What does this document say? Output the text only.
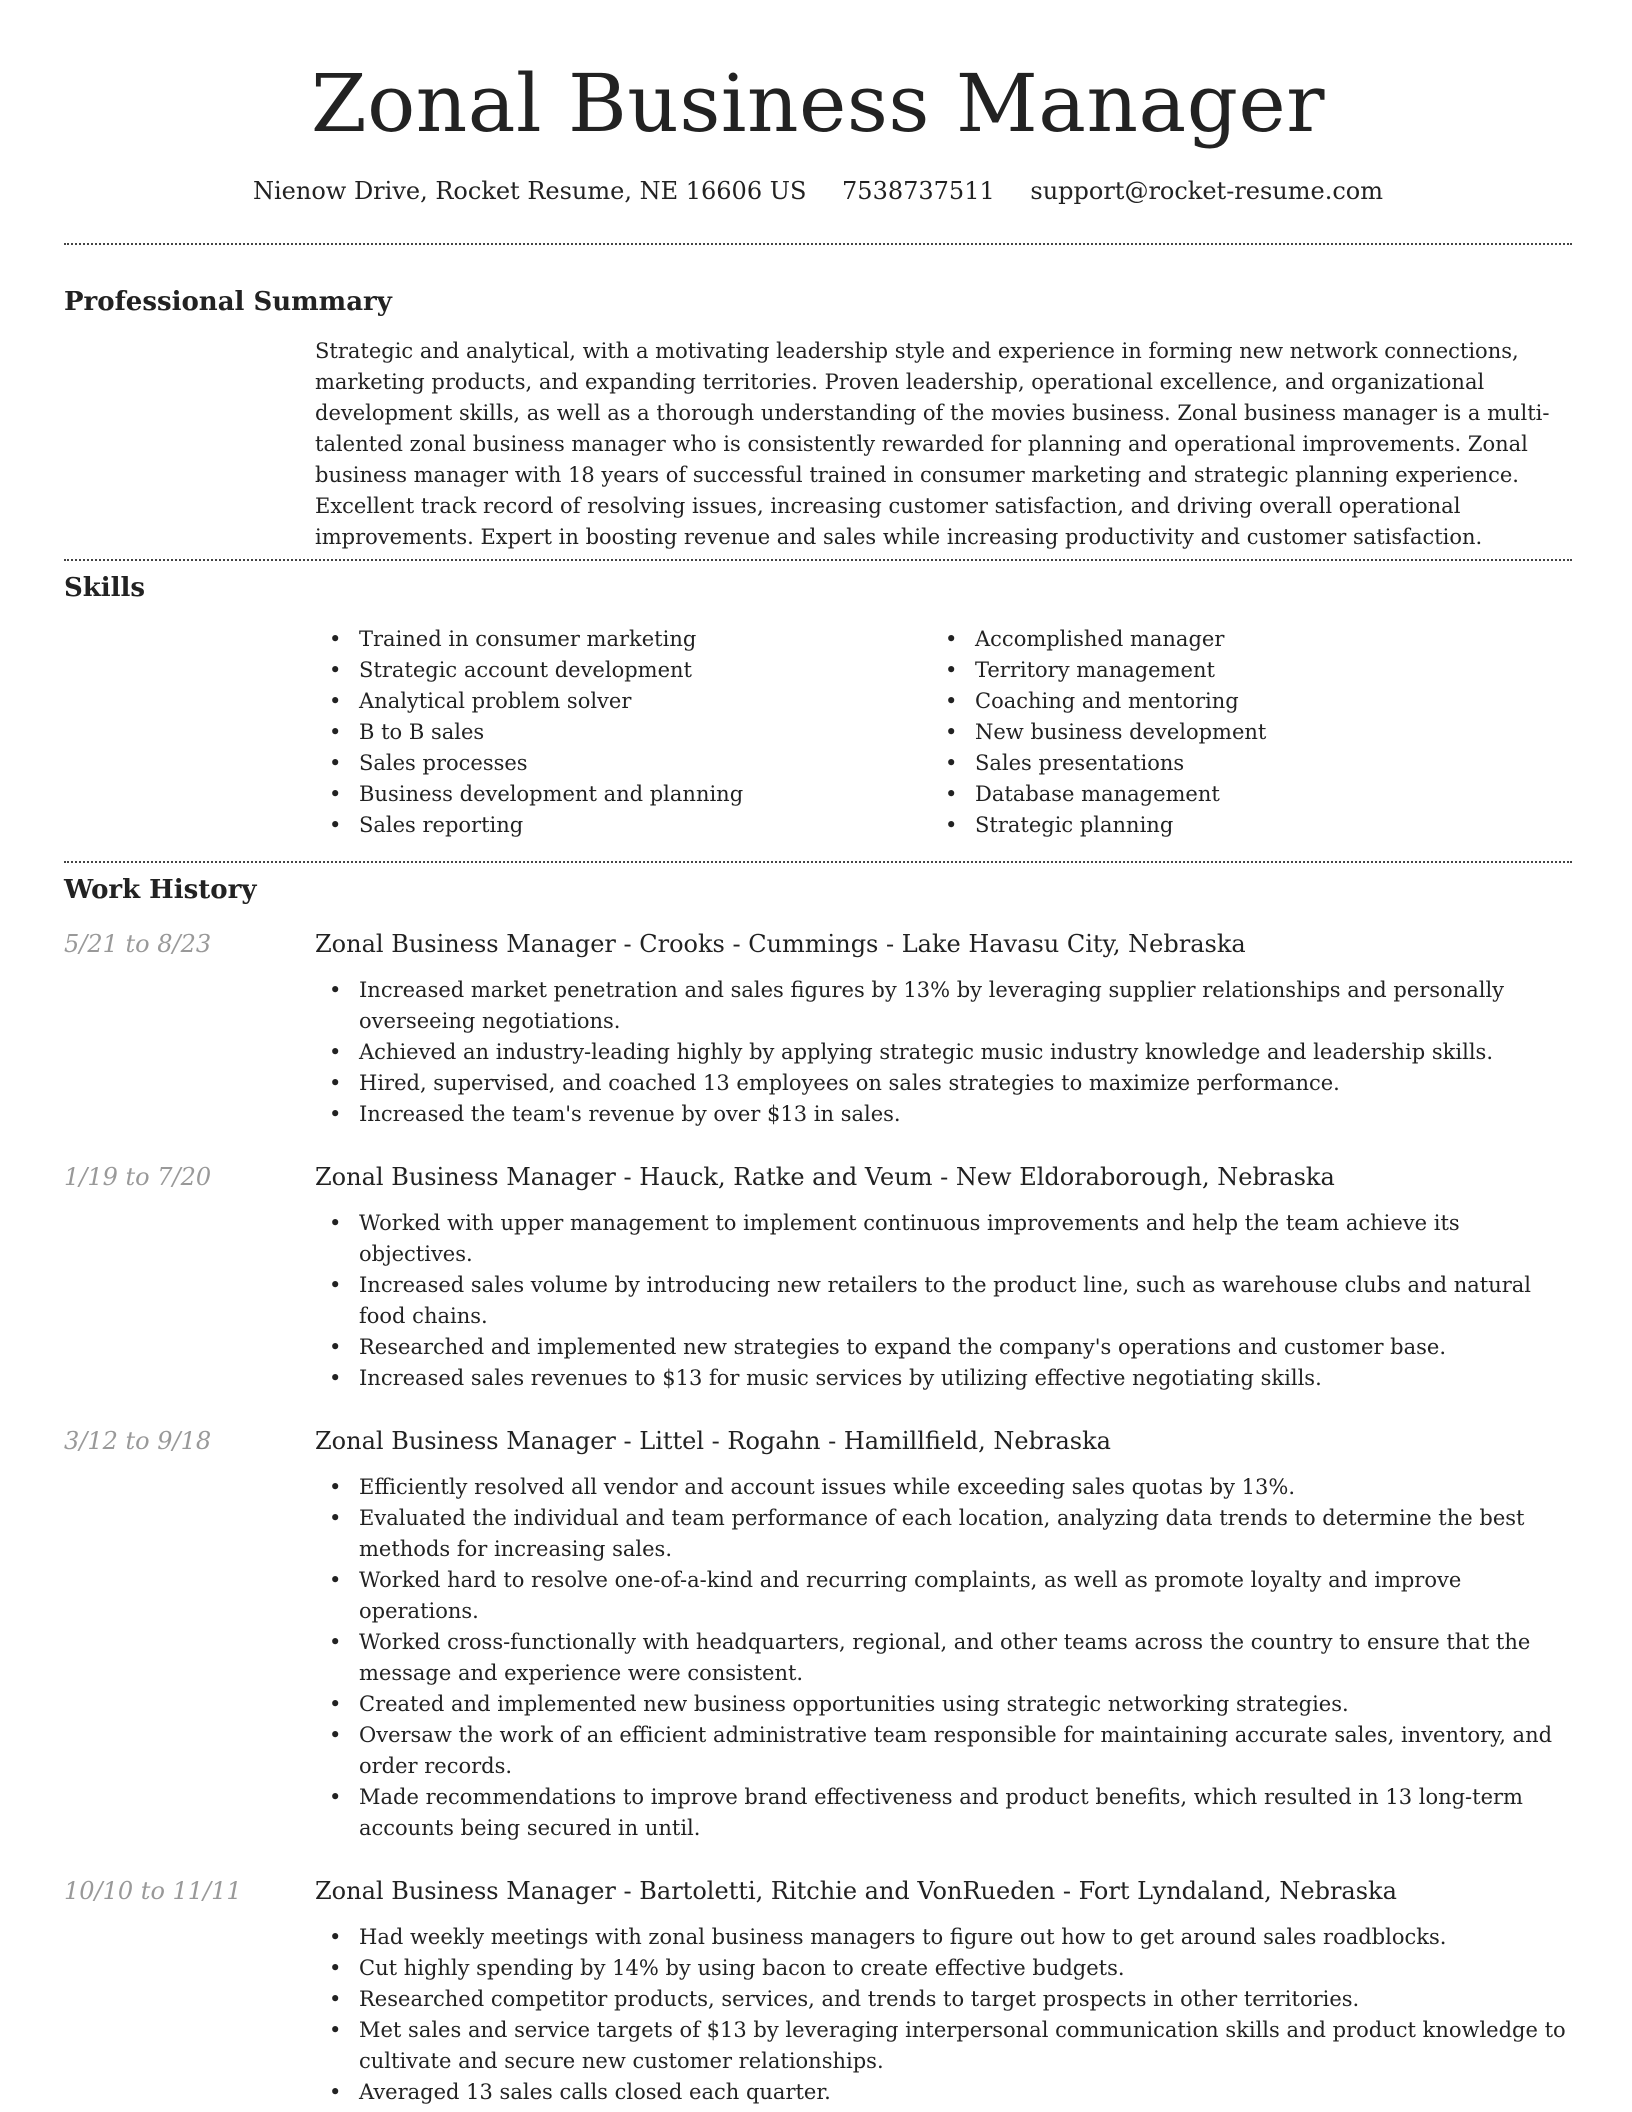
Zonal Business Manager
Nienow Drive, Rocket Resume, NE 16606 US 7538737511 support@rocket-resume.com
Professional Summary

Strategic and analytical, with a motivating leadership style and experience in forming new network connections, marketing products, and expanding territories. Proven leadership, operational excellence, and organizational development skills, as well as a thorough understanding of the movies business. Zonal business manager is a multi-talented zonal business manager who is consistently rewarded for planning and operational improvements. Zonal business manager with 18 years of successful trained in consumer marketing and strategic planning experience. Excellent track record of resolving issues, increasing customer satisfaction, and driving overall operational improvements. Expert in boosting revenue and sales while increasing productivity and customer satisfaction.

Skills
• Trained in consumer marketing
• Strategic account development
• Analytical problem solver
• B to B sales
• Sales processes
• Business development and planning
• Sales reporting
• Accomplished manager
• Territory management
• Coaching and mentoring
• New business development
• Sales presentations
• Database management
• Strategic planning
Work History
5/21 to 8/23	Zonal Business Manager - Crooks - Cummings - Lake Havasu City, Nebraska
• Increased market penetration and sales figures by 13% by leveraging supplier relationships and personally overseeing negotiations.
• Achieved an industry-leading highly by applying strategic music industry knowledge and leadership skills.
• Hired, supervised, and coached 13 employees on sales strategies to maximize performance.
• Increased the team's revenue by over $13 in sales.
1/19 to 7/20	Zonal Business Manager - Hauck, Ratke and Veum - New Eldoraborough, Nebraska
• Worked with upper management to implement continuous improvements and help the team achieve its objectives.
• Increased sales volume by introducing new retailers to the product line, such as warehouse clubs and natural food chains.
• Researched and implemented new strategies to expand the company's operations and customer base.
• Increased sales revenues to $13 for music services by utilizing effective negotiating skills.
3/12 to 9/18	Zonal Business Manager - Littel - Rogahn - Hamillfield, Nebraska
• Efficiently resolved all vendor and account issues while exceeding sales quotas by 13%.
• Evaluated the individual and team performance of each location, analyzing data trends to determine the best methods for increasing sales.
• Worked hard to resolve one-of-a-kind and recurring complaints, as well as promote loyalty and improve operations.
• Worked cross-functionally with headquarters, regional, and other teams across the country to ensure that the message and experience were consistent.
• Created and implemented new business opportunities using strategic networking strategies.
• Oversaw the work of an efficient administrative team responsible for maintaining accurate sales, inventory, and order records.
• Made recommendations to improve brand effectiveness and product benefits, which resulted in 13 long-term accounts being secured in until.
10/10 to 11/11	Zonal Business Manager - Bartoletti, Ritchie and VonRueden - Fort Lyndaland, Nebraska
• Had weekly meetings with zonal business managers to figure out how to get around sales roadblocks.
• Cut highly spending by 14% by using bacon to create effective budgets.
• Researched competitor products, services, and trends to target prospects in other territories.
• Met sales and service targets of $13 by leveraging interpersonal communication skills and product knowledge to cultivate and secure new customer relationships.
• Averaged 13 sales calls closed each quarter.
